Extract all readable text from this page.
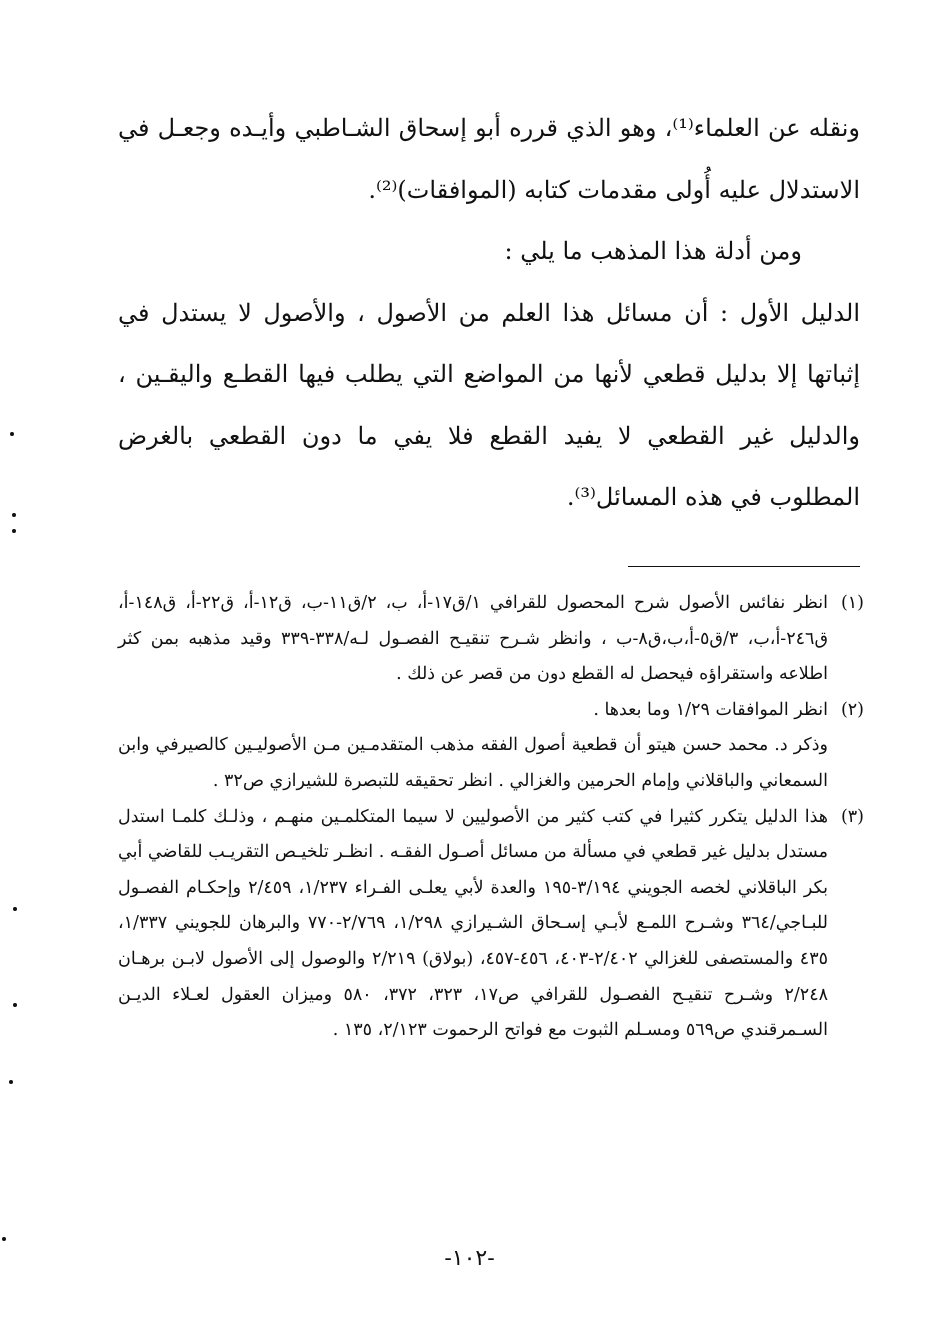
ونقله عن العلماء⁽¹⁾، وهو الذي قرره أبو إسحاق الشـاطبي وأيـده وجعـل في الاستدلال عليه أُولى مقدمات كتابه (الموافقات)⁽²⁾.

ومن أدلة هذا المذهب ما يلي :

الدليل الأول : أن مسائل هذا العلم من الأصول ، والأصول لا يستدل في إثباتها إلا بدليل قطعي لأنها من المواضع التي يطلب فيها القطـع واليقـين ، والدليل غير القطعي لا يفيد القطع فلا يفي ما دون القطعي بالغرض المطلوب في هذه المسائل⁽³⁾.

(١)

انظر نفائس الأصول شرح المحصول للقرافي ١/ق١٧-أ، ب، ٢/ق١١-ب، ق١٢-أ، ق٢٢-أ، ق١٤٨-أ، ق٢٤٦-أ،ب، ٣/ق٥-أ،ب،ق٨-ب ، وانظر شـرح تنقيـح الفصـول لـه/٣٣٨-٣٣٩ وقيد مذهبه بمن كثر اطلاعه واستقراؤه فيحصل له القطع دون من قصر عن ذلك .

(٢)

انظر الموافقات ١/٢٩ وما بعدها .

وذكر د. محمد حسن هيتو أن قطعية أصول الفقه مذهب المتقدمـين مـن الأصوليـين كالصيرفي وابن السمعاني والباقلاني وإمام الحرمين والغزالي . انظر تحقيقه للتبصرة للشيرازي ص٣٢ .

(٣)

هذا الدليل يتكرر كثيرا في كتب كثير من الأصوليين لا سيما المتكلمـين منهـم ، وذلـك كلمـا استدل مستدل بدليل غير قطعي في مسألة من مسائل أصـول الفقـه . انظـر تلخيـص التقريـب للقاضي أبي بكر الباقلاني لخصه الجويني ٣/١٩٤-١٩٥ والعدة لأبي يعلـى الفـراء ١/٢٣٧، ٢/٤٥٩ وإحكـام الفصـول للبـاجي/٣٦٤ وشـرح اللمـع لأبـي إسـحاق الشـيرازي ١/٢٩٨، ٢/٧٦٩-٧٧٠ والبرهان للجويني ١/٣٣٧، ٤٣٥ والمستصفى للغزالي ٢/٤٠٢-٤٠٣، ٤٥٦-٤٥٧، (بولاق) ٢/٢١٩ والوصول إلى الأصول لابـن برهـان ٢/٢٤٨ وشـرح تنقيـح الفصـول للقرافي ص١٧، ٣٢٣، ٣٧٢، ٥٨٠ وميزان العقول لعـلاء الديـن السـمرقندي ص٥٦٩ ومسـلم الثبوت مع فواتح الرحموت ٢/١٢٣، ١٣٥ .

-١٠٢-
